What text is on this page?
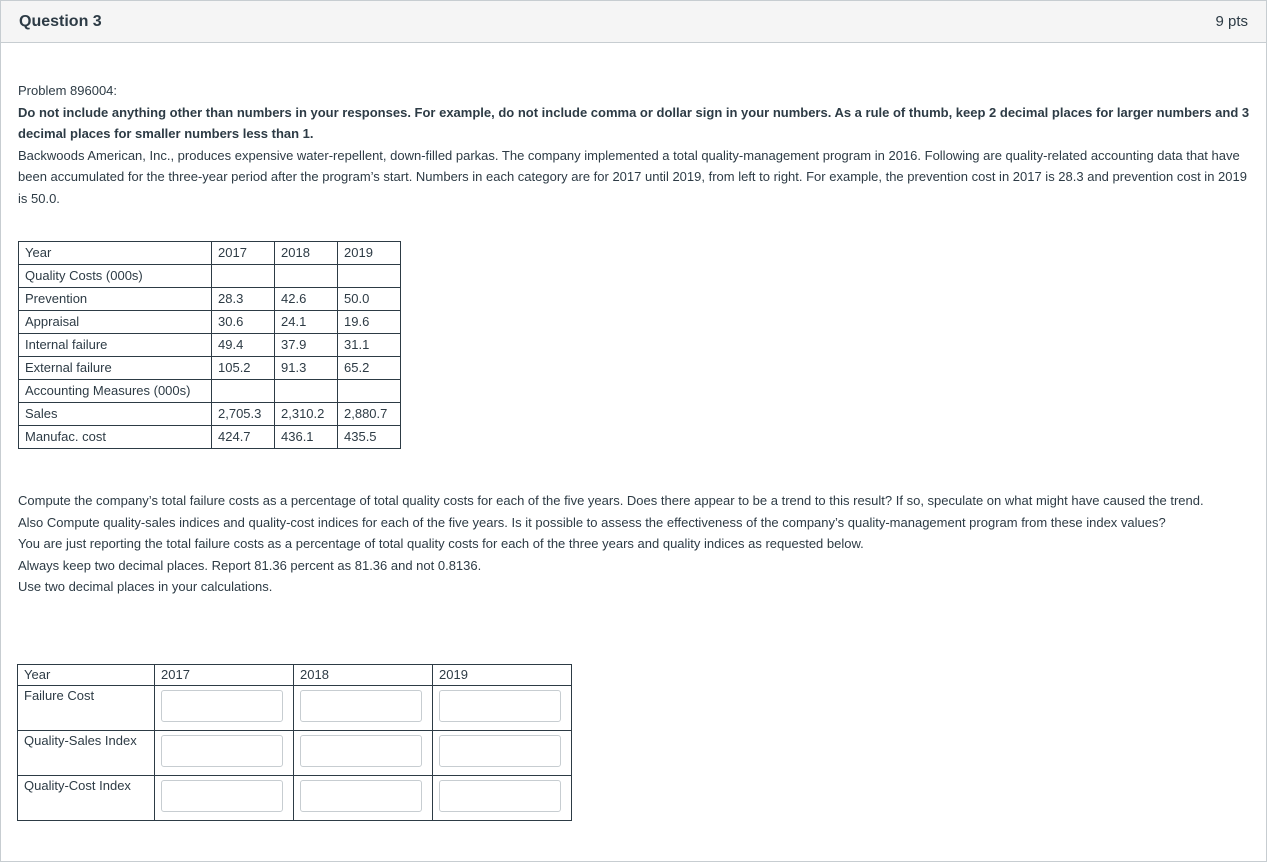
Question 3	9 pts

Problem 896004:

Do not include anything other than numbers in your responses. For example, do not include comma or dollar sign in your numbers. As a rule of thumb, keep 2 decimal places for larger numbers and 3 decimal places for smaller numbers less than 1.

Backwoods American, Inc., produces expensive water-repellent, down-filled parkas. The company implemented a total quality-management program in 2016. Following are quality-related accounting data that have been accumulated for the three-year period after the program’s start. Numbers in each category are for 2017 until 2019, from left to right. For example, the prevention cost in 2017 is 28.3 and prevention cost in 2019 is 50.0.

Year	2017	2018	2019
Quality Costs (000s)			
Prevention	28.3	42.6	50.0
Appraisal	30.6	24.1	19.6
Internal failure	49.4	37.9	31.1
External failure	105.2	91.3	65.2
Accounting Measures (000s)			
Sales	2,705.3	2,310.2	2,880.7
Manufac. cost	424.7	436.1	435.5

Compute the company’s total failure costs as a percentage of total quality costs for each of the five years. Does there appear to be a trend to this result? If so, speculate on what might have caused the trend.

Also Compute quality-sales indices and quality-cost indices for each of the five years. Is it possible to assess the effectiveness of the company’s quality-management program from these index values?

You are just reporting the total failure costs as a percentage of total quality costs for each of the three years and quality indices as requested below.

Always keep two decimal places. Report 81.36 percent as 81.36 and not 0.8136.

Use two decimal places in your calculations.

Year	2017	2018	2019
Failure Cost	

Quality-Sales Index	

Quality-Cost Index	
